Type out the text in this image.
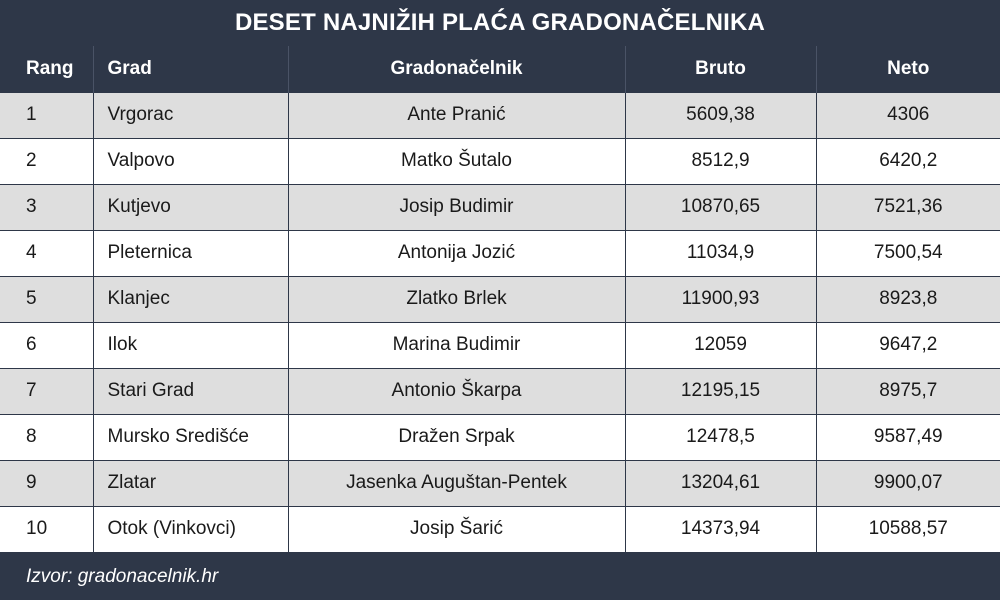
DESET NAJNIŽIH PLAĆA GRADONAČELNIKA
Rang	Grad	Gradonačelnik	Bruto	Neto
1	Vrgorac	Ante Pranić	5609,38	4306
2	Valpovo	Matko Šutalo	8512,9	6420,2
3	Kutjevo	Josip Budimir	10870,65	7521,36
4	Pleternica	Antonija Jozić	11034,9	7500,54
5	Klanjec	Zlatko Brlek	11900,93	8923,8
6	Ilok	Marina Budimir	12059	9647,2
7	Stari Grad	Antonio Škarpa	12195,15	8975,7
8	Mursko Središće	Dražen Srpak	12478,5	9587,49
9	Zlatar	Jasenka Auguštan-Pentek	13204,61	9900,07
10	Otok (Vinkovci)	Josip Šarić	14373,94	10588,57
Izvor: gradonacelnik.hr
